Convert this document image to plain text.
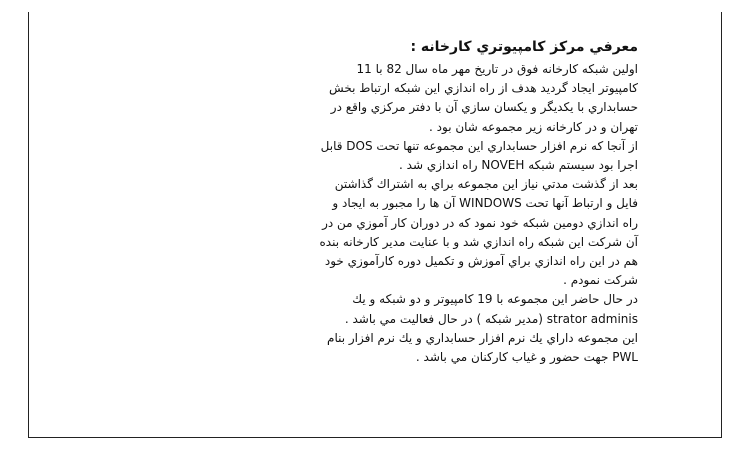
معرفي مركز كامپيوتري كارخانه :
اولين شبكه كارخانه فوق در تاريخ مهر ماه سال 82 با 11
كامپيوتر ايجاد گرديد هدف از راه اندازي اين شبكه ارتباط بخش
حسابداري با يكديگر و يكسان سازي آن با دفتر مركزي واقع در
تهران و در كارخانه زير مجموعه شان بود .
از آنجا كه نرم افزار حسابداري اين مجموعه تنها تحت DOS قابل
اجرا بود سيستم شبكه NOVEH راه اندازي شد .
بعد از گذشت مدتي نياز اين مجموعه براي به اشتراك گذاشتن
فايل و ارتباط آنها تحت WINDOWS آن ها را مجبور به ايجاد و
راه اندازي دومين شبكه خود نمود كه در دوران كار آموزي من در
آن شركت اين شبكه راه اندازي شد و با عنايت مدير كارخانه بنده
هم در اين راه اندازي براي آموزش و تكميل دوره كارآموزي خود
شركت نمودم .
در حال حاضر اين مجموعه با 19 كامپيوتر و دو شبكه و يك
strator adminis (مدير شبكه ) در حال فعاليت مي باشد .
اين مجموعه داراي يك نرم افزار حسابداري و يك نرم افزار بنام
PWL جهت حضور و غياب كاركنان مي باشد .
